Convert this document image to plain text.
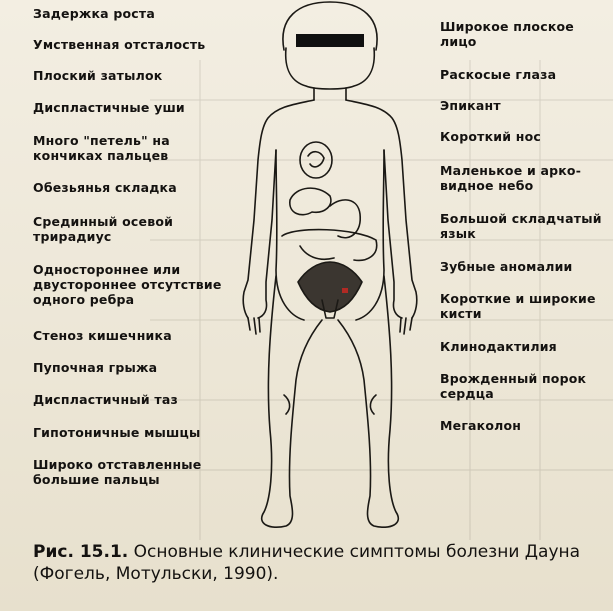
Задержка роста
Умственная отсталость
Плоский затылок
Диспластичные уши
Много "петель" на
кончиках пальцев
Обезьянья складка
Срединный осевой
трирадиус
Одностороннее или
двустороннее отсутствие
одного ребра
Стеноз кишечника
Пупочная грыжа
Диспластичный таз
Гипотоничные мышцы
Широко отставленные
большие пальцы
Широкое плоское
лицо
Раскосые глаза
Эпикант
Короткий нос
Маленькое и арко-
видное небо
Большой складчатый
язык
Зубные аномалии
Короткие и широкие
кисти
Клинодактилия
Врожденный порок
сердца
Мегаколон
Рис. 15.1. Основные клинические симптомы болезни Дауна (Фогель, Мотульски, 1990).
